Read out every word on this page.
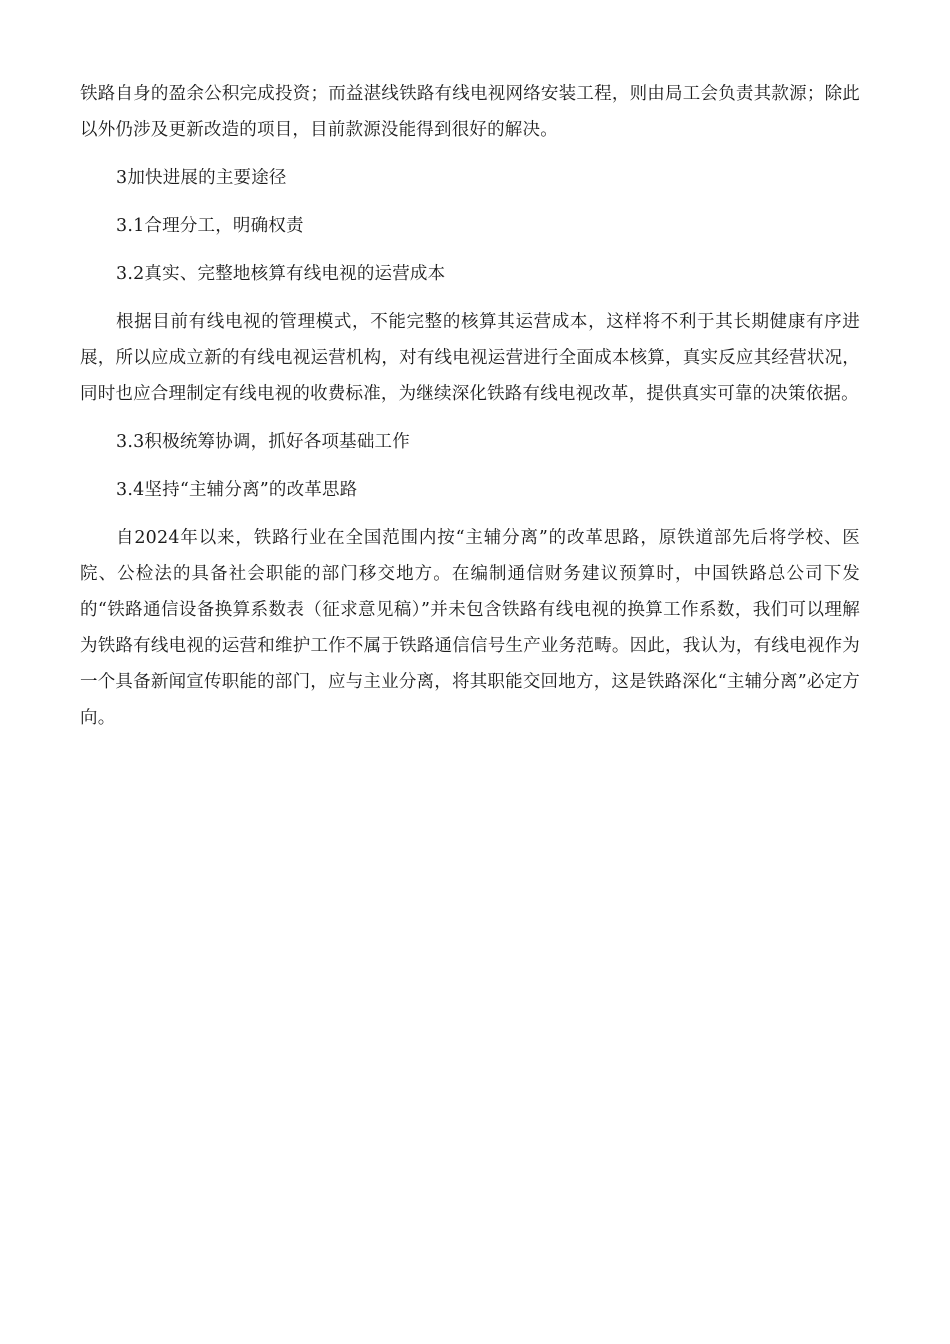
铁路自身的盈余公积完成投资；而益湛线铁路有线电视网络安装工程，则由局工会负责其款源；除此以外仍涉及更新改造的项目，目前款源没能得到很好的解决。

3加快进展的主要途径

3.1合理分工，明确权责

3.2真实、完整地核算有线电视的运营成本

根据目前有线电视的管理模式，不能完整的核算其运营成本，这样将不利于其长期健康有序进展，所以应成立新的有线电视运营机构，对有线电视运营进行全面成本核算，真实反应其经营状况，同时也应合理制定有线电视的收费标准，为继续深化铁路有线电视改革，提供真实可靠的决策依据。

3.3积极统筹协调，抓好各项基础工作

3.4坚持“主辅分离”的改革思路

自2024年以来，铁路行业在全国范围内按“主辅分离”的改革思路，原铁道部先后将学校、医院、公检法的具备社会职能的部门移交地方。在编制通信财务建议预算时，中国铁路总公司下发的“铁路通信设备换算系数表（征求意见稿）”并未包含铁路有线电视的换算工作系数，我们可以理解为铁路有线电视的运营和维护工作不属于铁路通信信号生产业务范畴。因此，我认为，有线电视作为一个具备新闻宣传职能的部门，应与主业分离，将其职能交回地方，这是铁路深化“主辅分离”必定方向。
